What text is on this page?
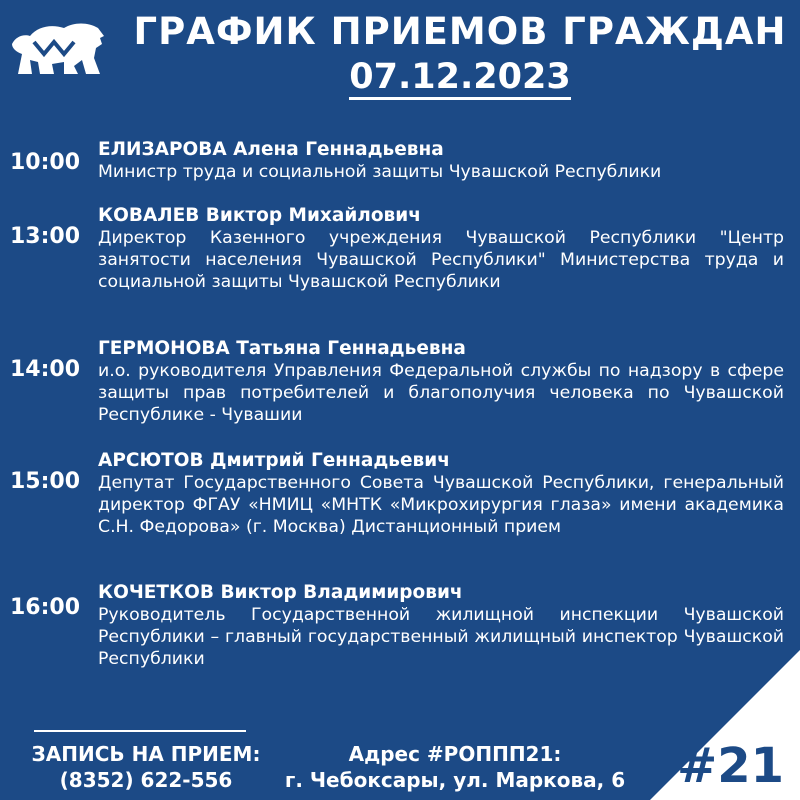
ГРАФИК ПРИЕМОВ ГРАЖДАН
07.12.2023
10:00
ЕЛИЗАРОВА Алена Геннадьевна
Министр труда и социальной защиты Чувашской Республики
13:00
КОВАЛЕВ Виктор Михайлович
Директор Казенного учреждения Чувашской Республики "Центр занятости населения Чувашской Республики" Министерства труда и социальной защиты Чувашской Республики
14:00
ГЕРМОНОВА Татьяна Геннадьевна
и.о. руководителя Управления Федеральной службы по надзору в сфере защиты прав потребителей и благополучия человека по Чувашской Республике - Чувашии
15:00
АРСЮТОВ Дмитрий Геннадьевич
Депутат Государственного Совета Чувашской Республики, генеральный директор ФГАУ «НМИЦ «МНТК «Микрохирургия глаза» имени академика С.Н. Федорова» (г. Москва) Дистанционный прием
16:00
КОЧЕТКОВ Виктор Владимирович
Руководитель Государственной жилищной инспекции Чувашской Республики – главный государственный жилищный инспектор Чувашской Республики
ЗАПИСЬ НА ПРИЕМ:
(8352) 622-556
Адрес #РОППП21:
г. Чебоксары, ул. Маркова, 6	#21
